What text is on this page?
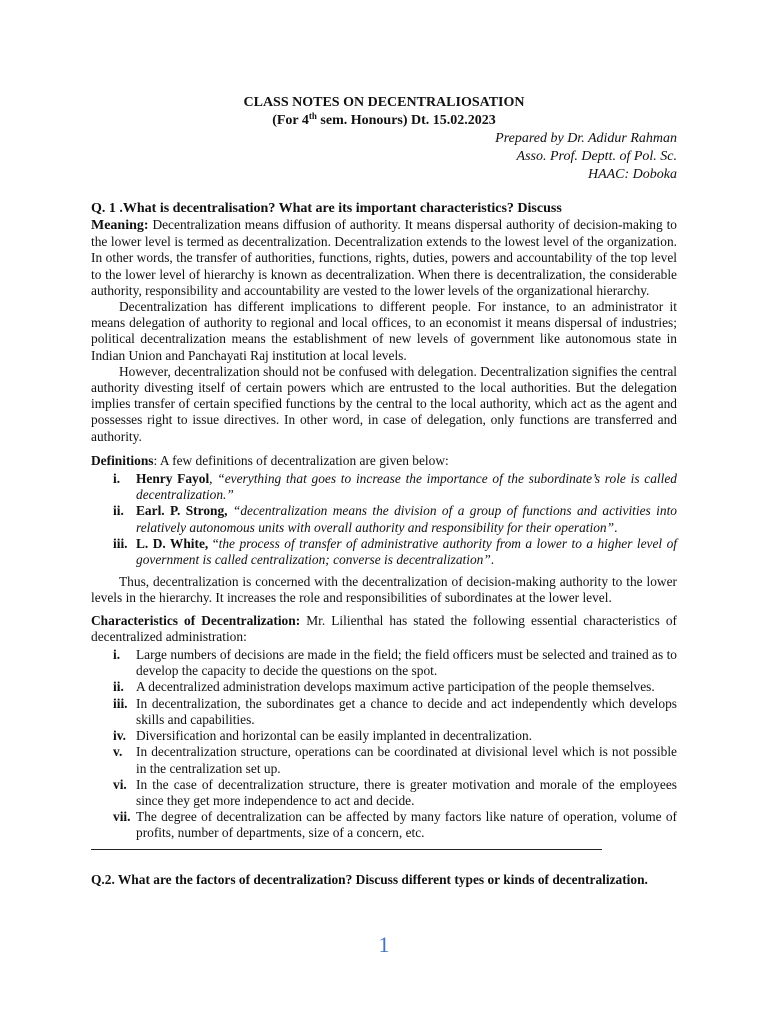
CLASS NOTES ON DECENTRALIOSATION
(For 4th sem. Honours) Dt. 15.02.2023
Prepared by Dr. Adidur Rahman
Asso. Prof. Deptt. of Pol. Sc.
HAAC: Doboka
Q. 1 .What is decentralisation? What are its important characteristics? Discuss

Meaning: Decentralization means diffusion of authority. It means dispersal authority of decision-making to the lower level is termed as decentralization. Decentralization extends to the lowest level of the organization. In other words, the transfer of authorities, functions, rights, duties, powers and accountability of the top level to the lower level of hierarchy is known as decentralization. When there is decentralization, the considerable authority, responsibility and accountability are vested to the lower levels of the organizational hierarchy.

Decentralization has different implications to different people. For instance, to an administrator it means delegation of authority to regional and local offices, to an economist it means dispersal of industries; political decentralization means the establishment of new levels of government like autonomous state in Indian Union and Panchayati Raj institution at local levels.

However, decentralization should not be confused with delegation. Decentralization signifies the central authority divesting itself of certain powers which are entrusted to the local authorities. But the delegation implies transfer of certain specified functions by the central to the local authority, which act as the agent and possesses right to issue directives. In other word, in case of delegation, only functions are transferred and authority.

Definitions: A few definitions of decentralization are given below:

i. Henry Fayol, “everything that goes to increase the importance of the subordinate’s role is called decentralization.”
ii. Earl. P. Strong, “decentralization means the division of a group of functions and activities into relatively autonomous units with overall authority and responsibility for their operation”.
iii. L. D. White, “the process of transfer of administrative authority from a lower to a higher level of government is called centralization; converse is decentralization”.

Thus, decentralization is concerned with the decentralization of decision-making authority to the lower levels in the hierarchy. It increases the role and responsibilities of subordinates at the lower level.

Characteristics of Decentralization: Mr. Lilienthal has stated the following essential characteristics of decentralized administration:

i. Large numbers of decisions are made in the field; the field officers must be selected and trained as to develop the capacity to decide the questions on the spot.
ii. A decentralized administration develops maximum active participation of the people themselves.
iii. In decentralization, the subordinates get a chance to decide and act independently which develops skills and capabilities.
iv. Diversification and horizontal can be easily implanted in decentralization.
v. In decentralization structure, operations can be coordinated at divisional level which is not possible in the centralization set up.
vi. In the case of decentralization structure, there is greater motivation and morale of the employees since they get more independence to act and decide.
vii. The degree of decentralization can be affected by many factors like nature of operation, volume of profits, number of departments, size of a concern, etc.
Q.2. What are the factors of decentralization? Discuss different types or kinds of decentralization.
1
